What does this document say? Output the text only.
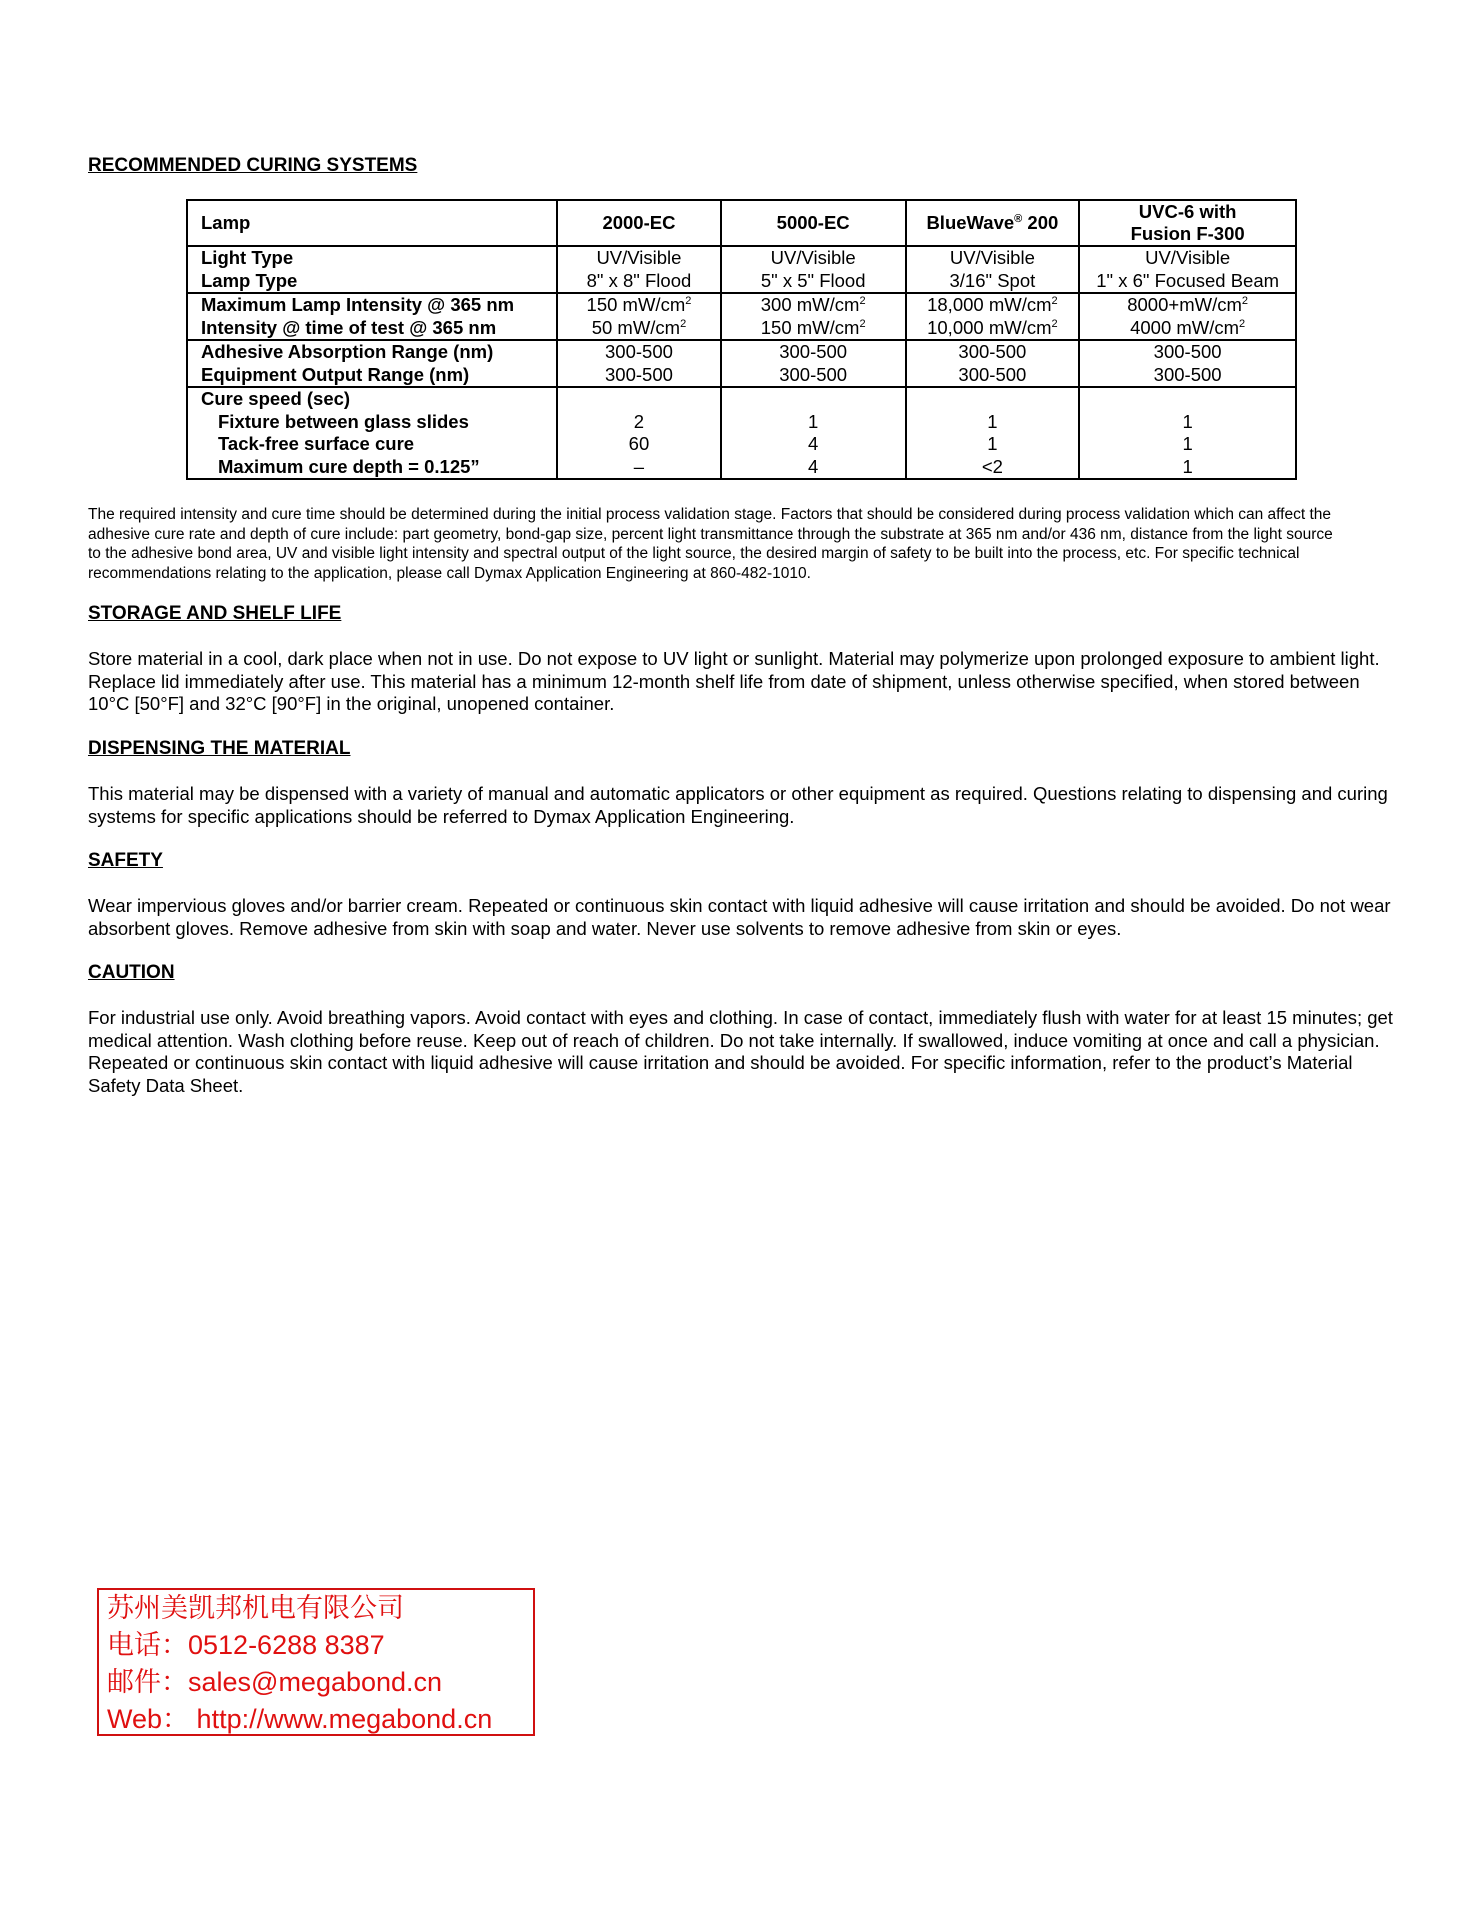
RECOMMENDED CURING SYSTEMS
Lamp	2000-EC	5000-EC	BlueWave® 200	UVC-6 with
Fusion F-300
Light Type	UV/Visible	UV/Visible	UV/Visible	UV/Visible
Lamp Type	8" x 8" Flood	5" x 5" Flood	3/16" Spot	1" x 6" Focused Beam
Maximum Lamp Intensity @ 365 nm	150 $mW/cm^2$	300 $mW/cm^2$	18,000 $mW/cm^2$	$8000+mW/cm^2$
Intensity @ time of test @ 365 nm	50 $mW/cm^2$	150 $mW/cm^2$	10,000 $mW/cm^2$	4000 $mW/cm^2$
Adhesive Absorption Range (nm)	300-500	300-500	300-500	300-500
Equipment Output Range (nm)	300-500	300-500	300-500	300-500
Cure speed (sec)				
Fixture between glass slides	2	1	1	1
Tack-free surface cure	60	4	1	1
Maximum cure depth = 0.125”	–	4	<2	1

The required intensity and cure time should be determined during the initial process validation stage. Factors that should be considered during process validation which can affect the adhesive cure rate and depth of cure include: part geometry, bond-gap size, percent light transmittance through the substrate at 365 nm and/or 436 nm, distance from the light source to the adhesive bond area, UV and visible light intensity and spectral output of the light source, the desired margin of safety to be built into the process, etc. For specific technical recommendations relating to the application, please call Dymax Application Engineering at 860-482-1010.

STORAGE AND SHELF LIFE

Store material in a cool, dark place when not in use. Do not expose to UV light or sunlight. Material may polymerize upon prolonged exposure to ambient light. Replace lid immediately after use. This material has a minimum 12-month shelf life from date of shipment, unless otherwise specified, when stored between 10°C [50°F] and 32°C [90°F] in the original, unopened container.

DISPENSING THE MATERIAL

This material may be dispensed with a variety of manual and automatic applicators or other equipment as required. Questions relating to dispensing and curing systems for specific applications should be referred to Dymax Application Engineering.

SAFETY

Wear impervious gloves and/or barrier cream. Repeated or continuous skin contact with liquid adhesive will cause irritation and should be avoided. Do not wear absorbent gloves. Remove adhesive from skin with soap and water. Never use solvents to remove adhesive from skin or eyes.

CAUTION

For industrial use only. Avoid breathing vapors. Avoid contact with eyes and clothing. In case of contact, immediately flush with water for at least 15 minutes; get medical attention. Wash clothing before reuse. Keep out of reach of children. Do not take internally. If swallowed, induce vomiting at once and call a physician. Repeated or continuous skin contact with liquid adhesive will cause irritation and should be avoided. For specific information, refer to the product’s Material Safety Data Sheet.

苏州美凯邦机电有限公司
电话：0512-6288 8387
邮件：sales@megabond.cn
Web： http://www.megabond.cn
